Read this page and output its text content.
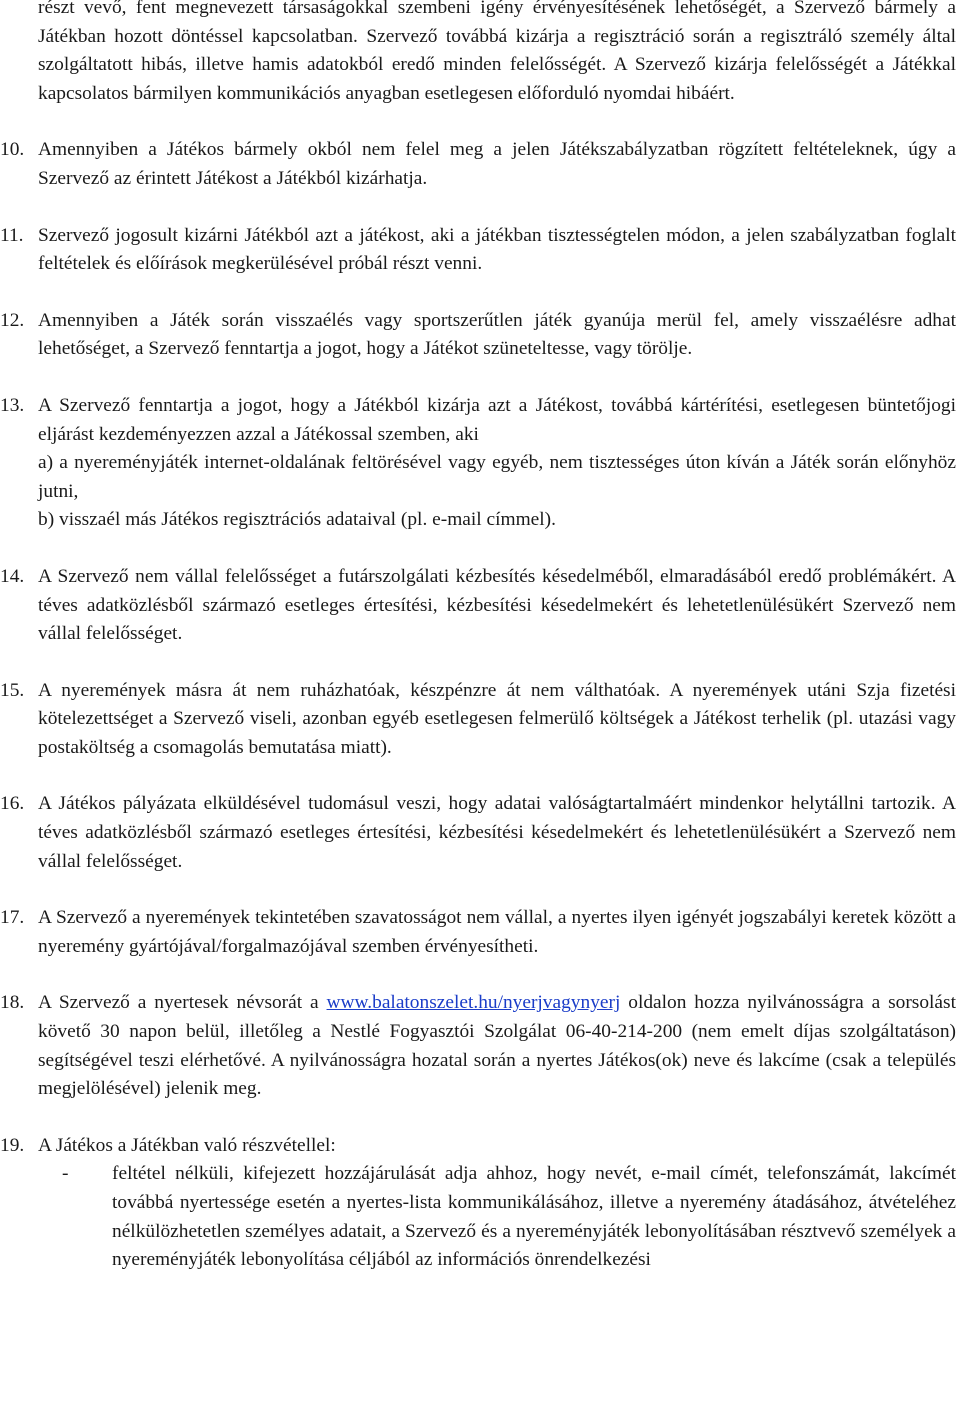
részt vevő, fent megnevezett társaságokkal szembeni igény érvényesítésének lehetőségét, a Szervező bármely a Játékban hozott döntéssel kapcsolatban. Szervező továbbá kizárja a regisztráció során a regisztráló személy által szolgáltatott hibás, illetve hamis adatokból eredő minden felelősségét. A Szervező kizárja felelősségét a Játékkal kapcsolatos bármilyen kommunikációs anyagban esetlegesen előforduló nyomdai hibáért.

10. Amennyiben a Játékos bármely okból nem felel meg a jelen Játékszabályzatban rögzített feltételeknek, úgy a Szervező az érintett Játékost a Játékból kizárhatja.

11. Szervező jogosult kizárni Játékból azt a játékost, aki a játékban tisztességtelen módon, a jelen szabályzatban foglalt feltételek és előírások megkerülésével próbál részt venni.

12. Amennyiben a Játék során visszaélés vagy sportszerűtlen játék gyanúja merül fel, amely visszaélésre adhat lehetőséget, a Szervező fenntartja a jogot, hogy a Játékot szüneteltesse, vagy törölje.

13. A Szervező fenntartja a jogot, hogy a Játékból kizárja azt a Játékost, továbbá kártérítési, esetlegesen büntetőjogi eljárást kezdeményezzen azzal a Játékossal szemben, aki

a) a nyereményjáték internet-oldalának feltörésével vagy egyéb, nem tisztességes úton kíván a Játék során előnyhöz jutni,

b) visszaél más Játékos regisztrációs adataival (pl. e-mail címmel).

14. A Szervező nem vállal felelősséget a futárszolgálati kézbesítés késedelméből, elmaradásából eredő problémákért. A téves adatközlésből származó esetleges értesítési, kézbesítési késedelmekért és lehetetlenülésükért Szervező nem vállal felelősséget.

15. A nyeremények másra át nem ruházhatóak, készpénzre át nem válthatóak. A nyeremények utáni Szja fizetési kötelezettséget a Szervező viseli, azonban egyéb esetlegesen felmerülő költségek a Játékost terhelik (pl. utazási vagy postaköltség a csomagolás bemutatása miatt).

16. A Játékos pályázata elküldésével tudomásul veszi, hogy adatai valóságtartalmáért mindenkor helytállni tartozik. A téves adatközlésből származó esetleges értesítési, kézbesítési késedelmekért és lehetetlenülésükért a Szervező nem vállal felelősséget.

17. A Szervező a nyeremények tekintetében szavatosságot nem vállal, a nyertes ilyen igényét jogszabályi keretek között a nyeremény gyártójával/forgalmazójával szemben érvényesítheti.

18. A Szervező a nyertesek névsorát a www.balatonszelet.hu/nyerjvagynyerj oldalon hozza nyilvánosságra a sorsolást követő 30 napon belül, illetőleg a Nestlé Fogyasztói Szolgálat 06-40-214-200 (nem emelt díjas szolgáltatáson) segítségével teszi elérhetővé. A nyilvánosságra hozatal során a nyertes Játékos(ok) neve és lakcíme (csak a település megjelölésével) jelenik meg.

19. A Játékos a Játékban való részvétellel:

- feltétel nélküli, kifejezett hozzájárulását adja ahhoz, hogy nevét, e-mail címét, telefonszámát, lakcímét továbbá nyertessége esetén a nyertes-lista kommunikálásához, illetve a nyeremény átadásához, átvételéhez nélkülözhetetlen személyes adatait, a Szervező és a nyereményjáték lebonyolításában résztvevő személyek a nyereményjáték lebonyolítása céljából az információs önrendelkezési
